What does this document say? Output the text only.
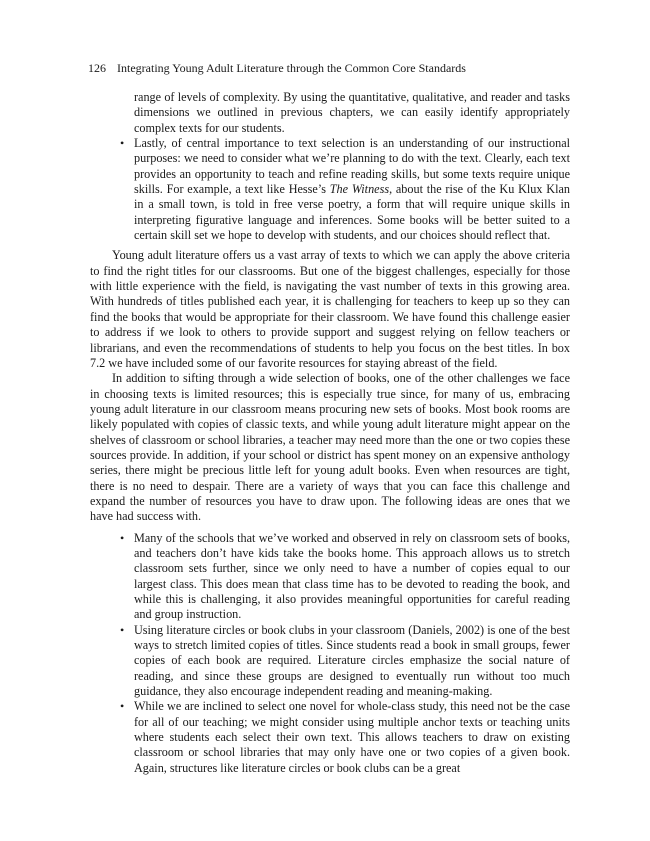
126 Integrating Young Adult Literature through the Common Core Standards
range of levels of complexity. By using the quantitative, qualitative, and reader and tasks dimensions we outlined in previous chapters, we can easily identify appropriately complex texts for our students.
• Lastly, of central importance to text selection is an understanding of our instructional purposes: we need to consider what we’re planning to do with the text. Clearly, each text provides an opportunity to teach and refine reading skills, but some texts require unique skills. For example, a text like Hesse’s The Witness, about the rise of the Ku Klux Klan in a small town, is told in free verse poetry, a form that will require unique skills in interpreting figurative language and inferences. Some books will be better suited to a certain skill set we hope to develop with students, and our choices should reflect that.

Young adult literature offers us a vast array of texts to which we can apply the above criteria to find the right titles for our classrooms. But one of the biggest challenges, especially for those with little experience with the field, is navigating the vast number of texts in this growing area. With hundreds of titles published each year, it is challenging for teachers to keep up so they can find the books that would be appropriate for their classroom. We have found this challenge easier to address if we look to others to provide support and suggest relying on fellow teachers or librarians, and even the recommendations of students to help you focus on the best titles. In box 7.2 we have included some of our favorite resources for staying abreast of the field.

In addition to sifting through a wide selection of books, one of the other challenges we face in choosing texts is limited resources; this is especially true since, for many of us, embracing young adult literature in our classroom means procuring new sets of books. Most book rooms are likely populated with copies of classic texts, and while young adult literature might appear on the shelves of classroom or school libraries, a teacher may need more than the one or two copies these sources provide. In addition, if your school or district has spent money on an expensive anthology series, there might be precious little left for young adult books. Even when resources are tight, there is no need to despair. There are a variety of ways that you can face this challenge and expand the number of resources you have to draw upon. The following ideas are ones that we have had success with.

• Many of the schools that we’ve worked and observed in rely on classroom sets of books, and teachers don’t have kids take the books home. This approach allows us to stretch classroom sets further, since we only need to have a number of copies equal to our largest class. This does mean that class time has to be devoted to reading the book, and while this is challenging, it also provides meaningful opportunities for careful reading and group instruction.
• Using literature circles or book clubs in your classroom (Daniels, 2002) is one of the best ways to stretch limited copies of titles. Since students read a book in small groups, fewer copies of each book are required. Literature circles emphasize the social nature of reading, and since these groups are designed to eventually run without too much guidance, they also encourage independent reading and meaning-making.
• While we are inclined to select one novel for whole-class study, this need not be the case for all of our teaching; we might consider using multiple anchor texts or teaching units where students each select their own text. This allows teachers to draw on existing classroom or school libraries that may only have one or two copies of a given book. Again, structures like literature circles or book clubs can be a great
